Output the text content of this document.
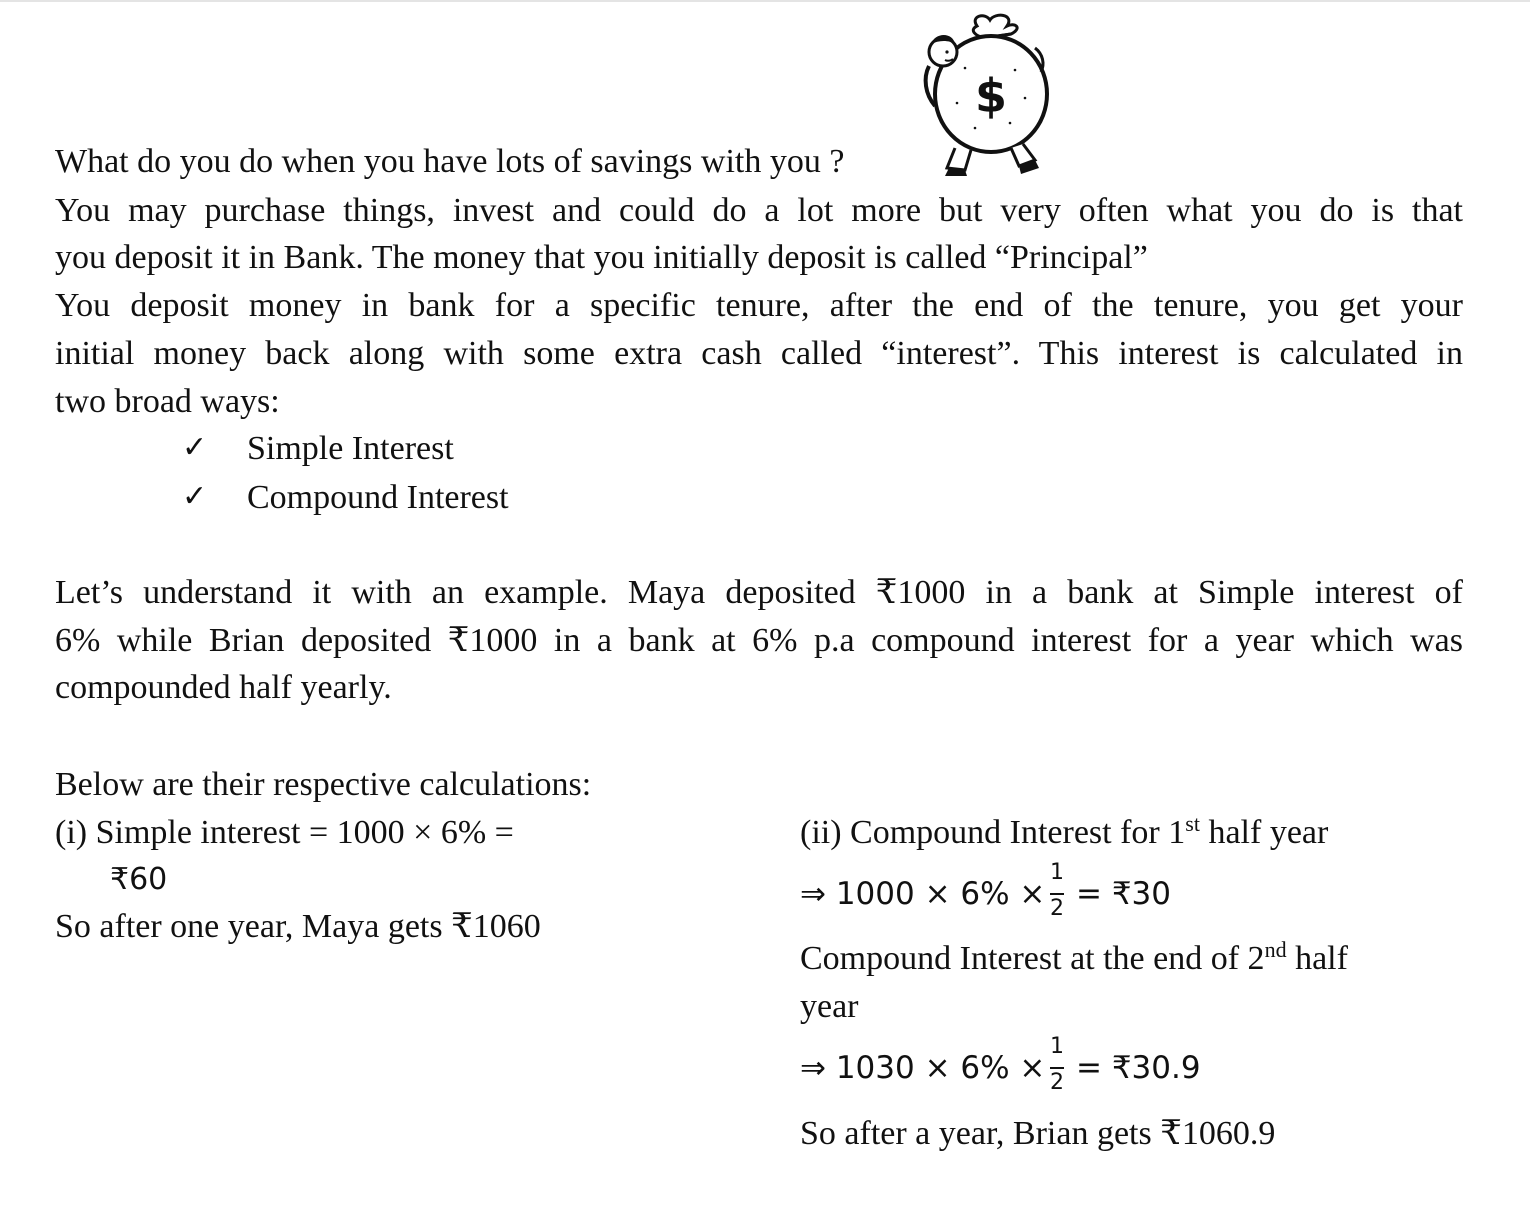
$
What do you do when you have lots of savings with you ?
You may purchase things, invest and could do a lot more but very often what you do is that
you deposit it in Bank. The money that you initially deposit is called “Principal”
You deposit money in bank for a specific tenure, after the end of the tenure, you get your
initial money back along with some extra cash called “interest”. This interest is calculated in
two broad ways:
✓ Simple Interest
✓ Compound Interest
Let’s understand it with an example. Maya deposited ₹1000 in a bank at Simple interest of
6% while Brian deposited ₹1000 in a bank at 6% p.a compound interest for a year which was
compounded half yearly.
Below are their respective calculations:
(i) Simple interest = 1000 × 6% =
₹60
So after one year, Maya gets ₹1060
(ii) Compound Interest for 1st half year
⇒ 1000 × 6% ×
1
2 = ₹30
Compound Interest at the end of 2nd half
year
⇒ 1030 × 6% ×
1
2 = ₹30.9
So after a year, Brian gets ₹1060.9
